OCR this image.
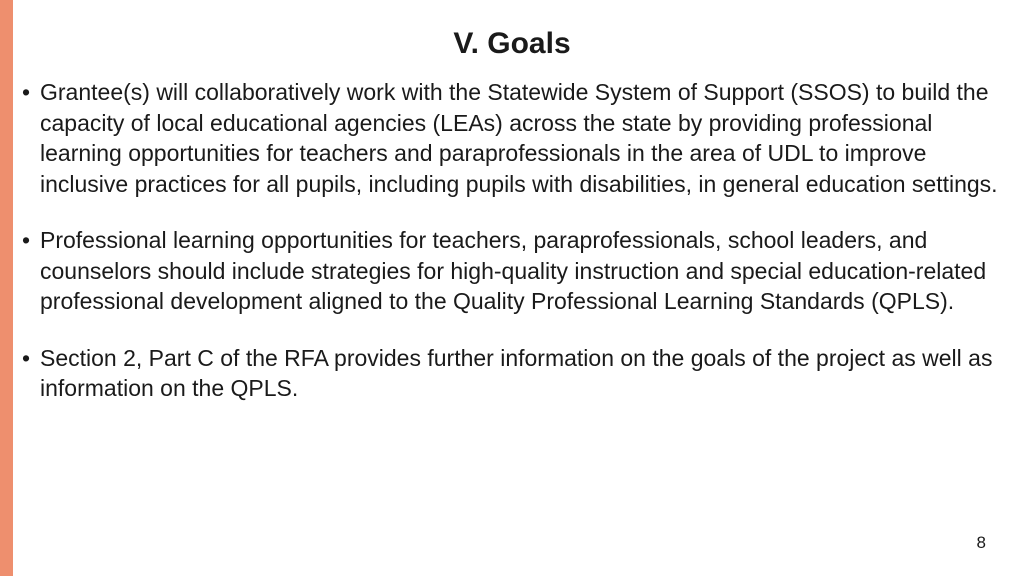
V. Goals
• Grantee(s) will collaboratively work with the Statewide System of Support (SSOS) to build the capacity of local educational agencies (LEAs) across the state by providing professional learning opportunities for teachers and paraprofessionals in the area of UDL to improve inclusive practices for all pupils, including pupils with disabilities, in general education settings.
• Professional learning opportunities for teachers, paraprofessionals, school leaders, and counselors should include strategies for high-quality instruction and special education-related professional development aligned to the Quality Professional Learning Standards (QPLS).
• Section 2, Part C of the RFA provides further information on the goals of the project as well as information on the QPLS.
8
